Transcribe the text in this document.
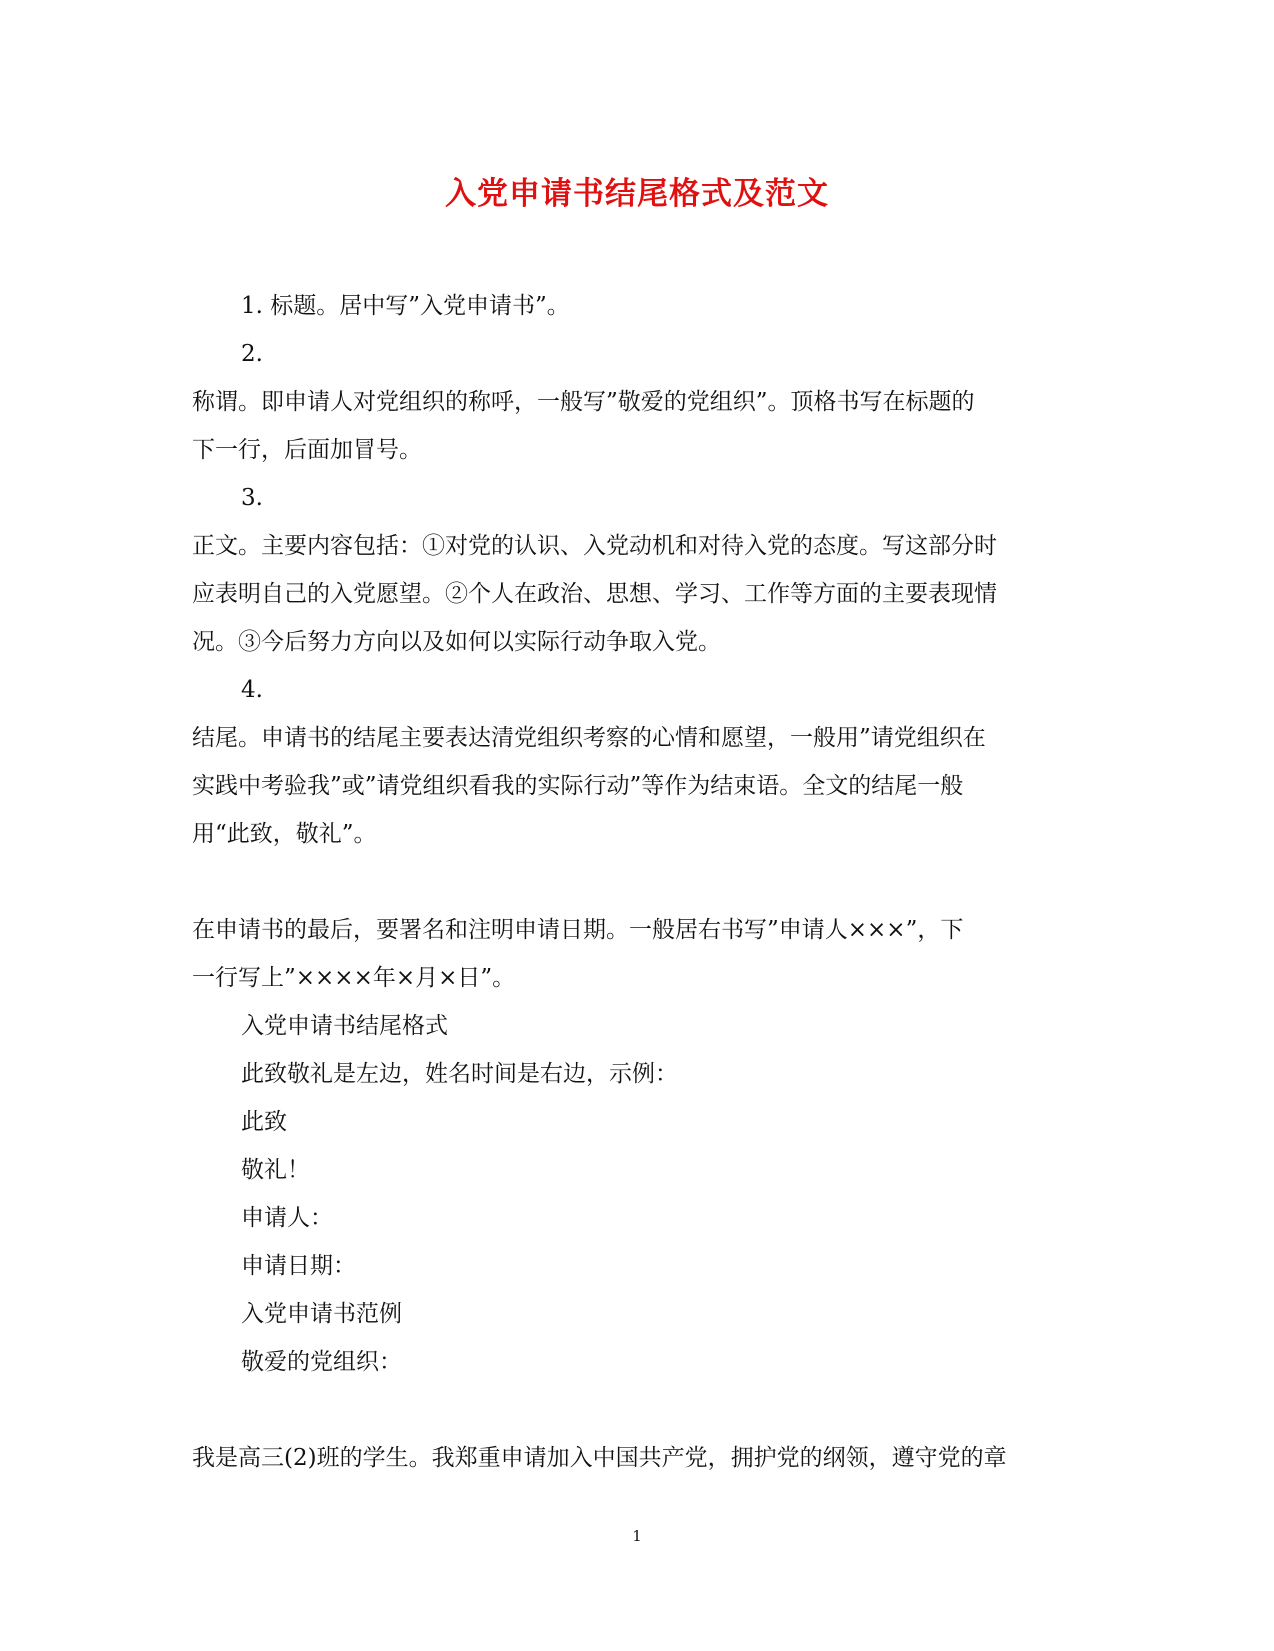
入党申请书结尾格式及范文

1. 标题。居中写”入党申请书”。

2.

称谓。即申请人对党组织的称呼，一般写”敬爱的党组织”。顶格书写在标题的

下一行，后面加冒号。

3.

正文。主要内容包括：①对党的认识、入党动机和对待入党的态度。写这部分时

应表明自己的入党愿望。②个人在政治、思想、学习、工作等方面的主要表现情

况。③今后努力方向以及如何以实际行动争取入党。

4.

结尾。申请书的结尾主要表达清党组织考察的心情和愿望，一般用”请党组织在

实践中考验我”或”请党组织看我的实际行动”等作为结束语。全文的结尾一般

用“此致，敬礼”。

在申请书的最后，要署名和注明申请日期。一般居右书写”申请人×××”，下

一行写上”××××年×月×日”。

入党申请书结尾格式

此致敬礼是左边，姓名时间是右边，示例：

此致

敬礼！

申请人：

申请日期：

入党申请书范例

敬爱的党组织：

我是高三(2)班的学生。我郑重申请加入中国共产党，拥护党的纲领，遵守党的章

1
